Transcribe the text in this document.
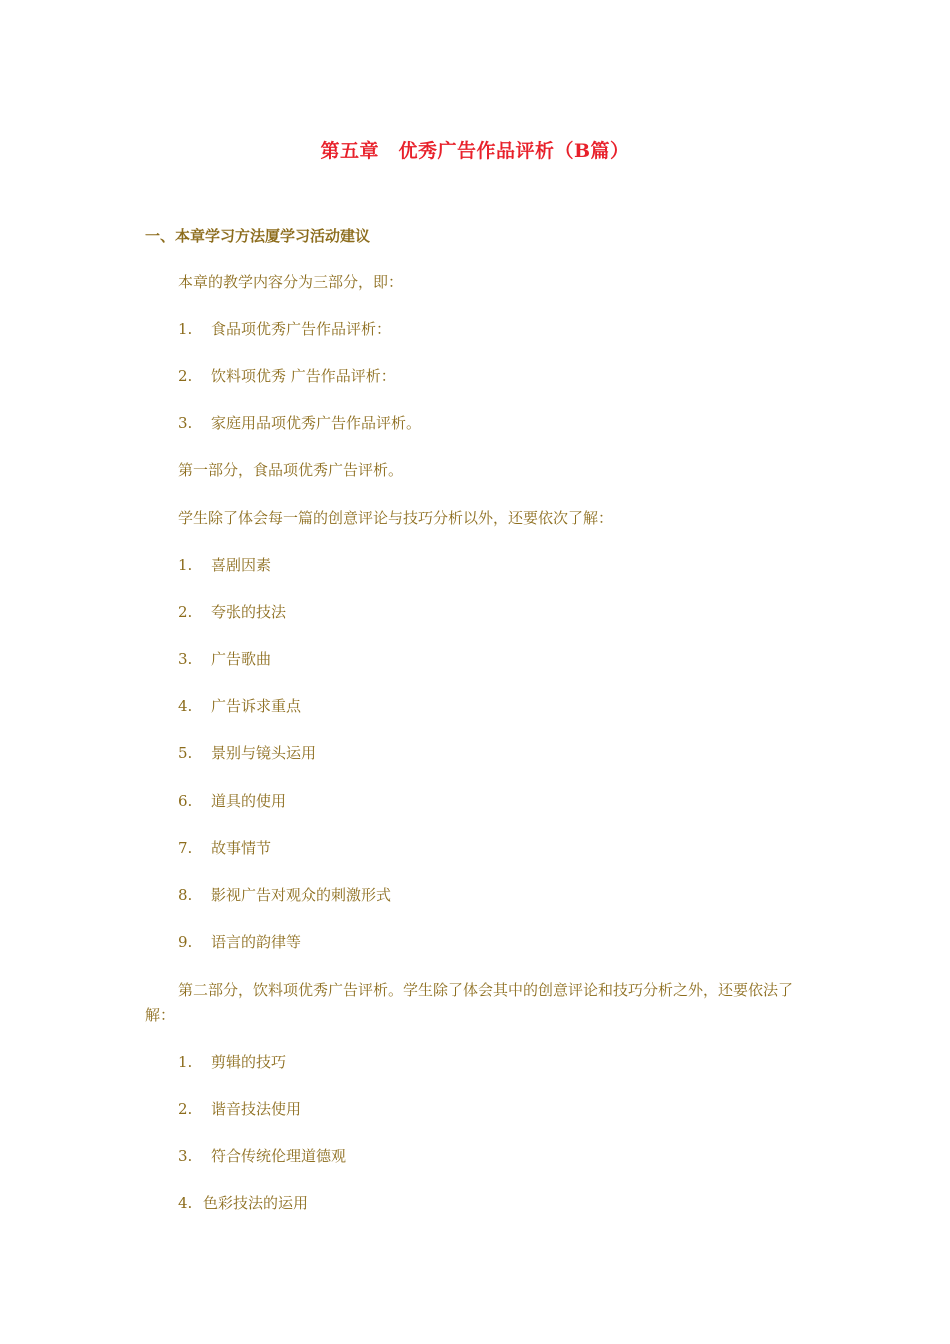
第五章　优秀广告作品评析（B篇）
一、本章学习方法厦学习活动建议
本章的教学内容分为三部分，即：
1. 食品项优秀广告作品评析：
2. 饮料项优秀 广告作品评析：
3. 家庭用品项优秀广告作品评析。
第一部分，食品项优秀广告评析。
学生除了体会每一篇的创意评论与技巧分析以外，还要依次了解：
1. 喜剧因素
2. 夸张的技法
3. 广告歌曲
4. 广告诉求重点
5. 景别与镜头运用
6. 道具的使用
7. 故事情节
8. 影视广告对观众的刺激形式
9. 语言的韵律等
第二部分，饮料项优秀广告评析。学生除了体会其中的创意评论和技巧分析之外，还要依法了解：
1. 剪辑的技巧
2. 谐音技法使用
3. 符合传统伦理道德观
4. 色彩技法的运用
